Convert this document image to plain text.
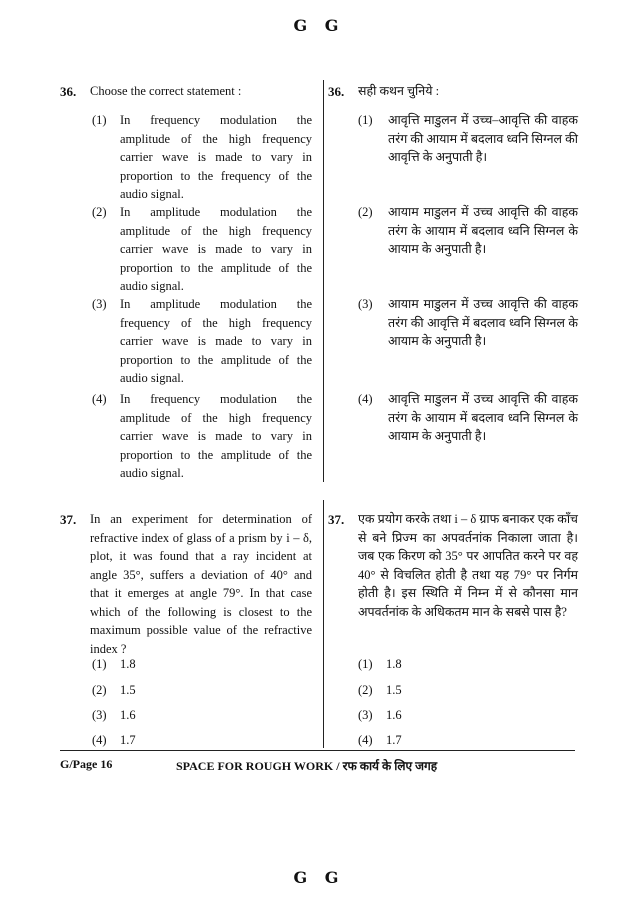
G G
36. Choose the correct statement :
(1) In frequency modulation the amplitude of the high frequency carrier wave is made to vary in proportion to the frequency of the audio signal.
(2) In amplitude modulation the amplitude of the high frequency carrier wave is made to vary in proportion to the amplitude of the audio signal.
(3) In amplitude modulation the frequency of the high frequency carrier wave is made to vary in proportion to the amplitude of the audio signal.
(4) In frequency modulation the amplitude of the high frequency carrier wave is made to vary in proportion to the amplitude of the audio signal.
36. सही कथन चुनिये :
(1) आवृत्ति माडुलन में उच्च–आवृत्ति की वाहक तरंग की आयाम में बदलाव ध्वनि सिग्नल की आवृत्ति के अनुपाती है।
(2) आयाम माडुलन में उच्च आवृत्ति की वाहक तरंग के आयाम में बदलाव ध्वनि सिग्नल के आयाम के अनुपाती है।
(3) आयाम माडुलन में उच्च आवृत्ति की वाहक तरंग की आवृत्ति में बदलाव ध्वनि सिग्नल के आयाम के अनुपाती है।
(4) आवृत्ति माडुलन में उच्च आवृत्ति की वाहक तरंग के आयाम में बदलाव ध्वनि सिग्नल के आयाम के अनुपाती है।
37. In an experiment for determination of refractive index of glass of a prism by i – δ, plot, it was found that a ray incident at angle 35°, suffers a deviation of 40° and that it emerges at angle 79°. In that case which of the following is closest to the maximum possible value of the refractive index ?
(1) 1.8
(2) 1.5
(3) 1.6
(4) 1.7
37. एक प्रयोग करके तथा i – δ ग्राफ बनाकर एक काँच से बने प्रिज्म का अपवर्तनांक निकाला जाता है। जब एक किरण को 35° पर आपतित करने पर वह 40° से विचलित होती है तथा यह 79° पर निर्गम होती है। इस स्थिति में निम्न में से कौनसा मान अपवर्तनांक के अधिकतम मान के सबसे पास है?
(1) 1.8
(2) 1.5
(3) 1.6
(4) 1.7
G/Page 16	SPACE FOR ROUGH WORK / रफ कार्य के लिए जगह
G G
